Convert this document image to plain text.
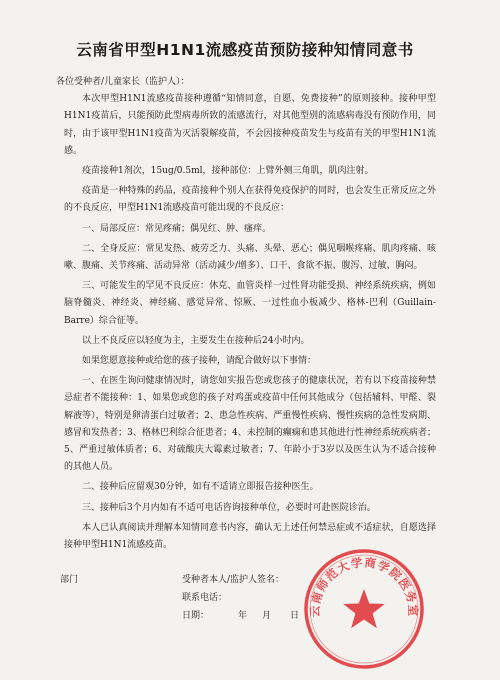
云南省甲型H1N1流感疫苗预防接种知情同意书

各位受种者/儿童家长（监护人）：

本次甲型H1N1流感疫苗接种遵循“知情同意，自愿、免费接种”的原则接种。接种甲型H1N1疫苗后，只能预防此型病毒所致的流感流行，对其他型别的流感病毒没有预防作用，同时，由于该甲型H1N1疫苗为灭活裂解疫苗，不会因接种疫苗发生与疫苗有关的甲型H1N1流感。

疫苗接种1剂次，15ug/0.5ml，接种部位：上臂外侧三角肌，肌肉注射。

疫苗是一种特殊的药品，疫苗接种个别人在获得免疫保护的同时，也会发生正常反应之外的不良反应，甲型H1N1流感疫苗可能出现的不良反应：

一、局部反应：常见疼痛；偶见红、肿、瘙痒。

二、全身反应：常见发热、疲劳乏力、头痛、头晕、恶心；偶见咽喉疼痛、肌肉疼痛、咳嗽、腹痛、关节疼痛、活动异常（活动减少/增多）、口干、食欲不振、腹泻、过敏、胸闷。

三、可能发生的罕见不良反应：休克、血管炎样一过性肾功能受损、神经系统疾病，例如脑脊髓炎、神经炎、神经痛、感觉异常、惊厥、一过性血小板减少、格林-巴利（Guillain-Barre）综合征等。

以上不良反应以轻度为主，主要发生在接种后24小时内。

如果您愿意接种或给您的孩子接种，请配合做好以下事情：

一、在医生询问健康情况时，请您如实报告您或您孩子的健康状况，若有以下疫苗接种禁忌症者不能接种：1、如果您或您的孩子对鸡蛋或疫苗中任何其他成分（包括辅料、甲醛、裂解液等），特别是卵清蛋白过敏者；2、患急性疾病、严重慢性疾病、慢性疾病的急性发病期、感冒和发热者；3、格林巴利综合征患者；4、未控制的癫痫和患其他进行性神经系统疾病者；5、严重过敏体质者；6、对硫酸庆大霉素过敏者；7、年龄小于3岁以及医生认为不适合接种的其他人员。

二、接种后应留观30分钟，如有不适请立即报告接种医生。

三、接种后3个月内如有不适可电话咨询接种单位，必要时可赴医院诊治。

本人已认真阅读并理解本知情同意书内容，确认无上述任何禁忌症或不适症状，自愿选择接种甲型H1N1流感疫苗。

部门	受种者本人/监护人签名：
联系电话：
日期：	年 月 日 云南师范大学商学院医务室
